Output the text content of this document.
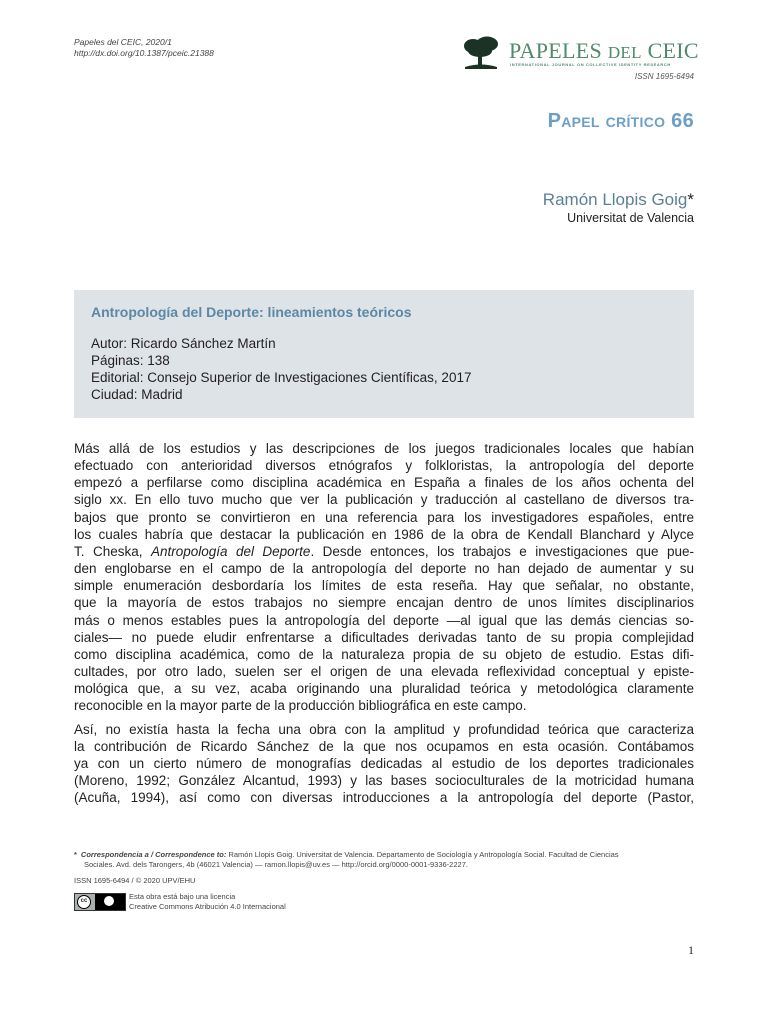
Papeles del CEIC, 2020/1
http://dx.doi.org/10.1387/pceic.21388	PAPELES DEL CEIC
INTERNATIONAL JOURNAL ON COLLECTIVE IDENTITY RESEARCH
ISSN 1695-6494
Papel crítico 66
Ramón Llopis Goig*
Universitat de Valencia
Antropología del Deporte: lineamientos teóricos
Autor: Ricardo Sánchez Martín
Páginas: 138
Editorial: Consejo Superior de Investigaciones Científicas, 2017
Ciudad: Madrid

Más allá de los estudios y las descripciones de los juegos tradicionales locales que habían
efectuado con anterioridad diversos etnógrafos y folkloristas, la antropología del deporte
empezó a perfilarse como disciplina académica en España a finales de los años ochenta del
siglo xx. En ello tuvo mucho que ver la publicación y traducción al castellano de diversos tra-
bajos que pronto se convirtieron en una referencia para los investigadores españoles, entre
los cuales habría que destacar la publicación en 1986 de la obra de Kendall Blanchard y Alyce
T. Cheska, Antropología del Deporte. Desde entonces, los trabajos e investigaciones que pue-
den englobarse en el campo de la antropología del deporte no han dejado de aumentar y su
simple enumeración desbordaría los límites de esta reseña. Hay que señalar, no obstante,
que la mayoría de estos trabajos no siempre encajan dentro de unos límites disciplinarios
más o menos estables pues la antropología del deporte —al igual que las demás ciencias so-
ciales— no puede eludir enfrentarse a dificultades derivadas tanto de su propia complejidad
como disciplina académica, como de la naturaleza propia de su objeto de estudio. Estas difi-
cultades, por otro lado, suelen ser el origen de una elevada reflexividad conceptual y episte-
mológica que, a su vez, acaba originando una pluralidad teórica y metodológica claramente
reconocible en la mayor parte de la producción bibliográfica en este campo.

Así, no existía hasta la fecha una obra con la amplitud y profundidad teórica que caracteriza
la contribución de Ricardo Sánchez de la que nos ocupamos en esta ocasión. Contábamos
ya con un cierto número de monografías dedicadas al estudio de los deportes tradicionales
(Moreno, 1992; González Alcantud, 1993) y las bases socioculturales de la motricidad humana
(Acuña, 1994), así como con diversas introducciones a la antropología del deporte (Pastor,

* Correspondencia a / Correspondence to: Ramón Llopis Goig. Universitat de Valencia. Departamento de Sociología y Antropología Social. Facultad de Ciencias
Sociales. Avd. dels Tarongers, 4b (46021 Valencia) — ramon.llopis@uv.es — http://orcid.org/0000-0001-9336-2227.
ISSN 1695-6494 / © 2020 UPV/EHU
cc	Esta obra está bajo una licencia
Creative Commons Atribución 4.0 Internacional
1
